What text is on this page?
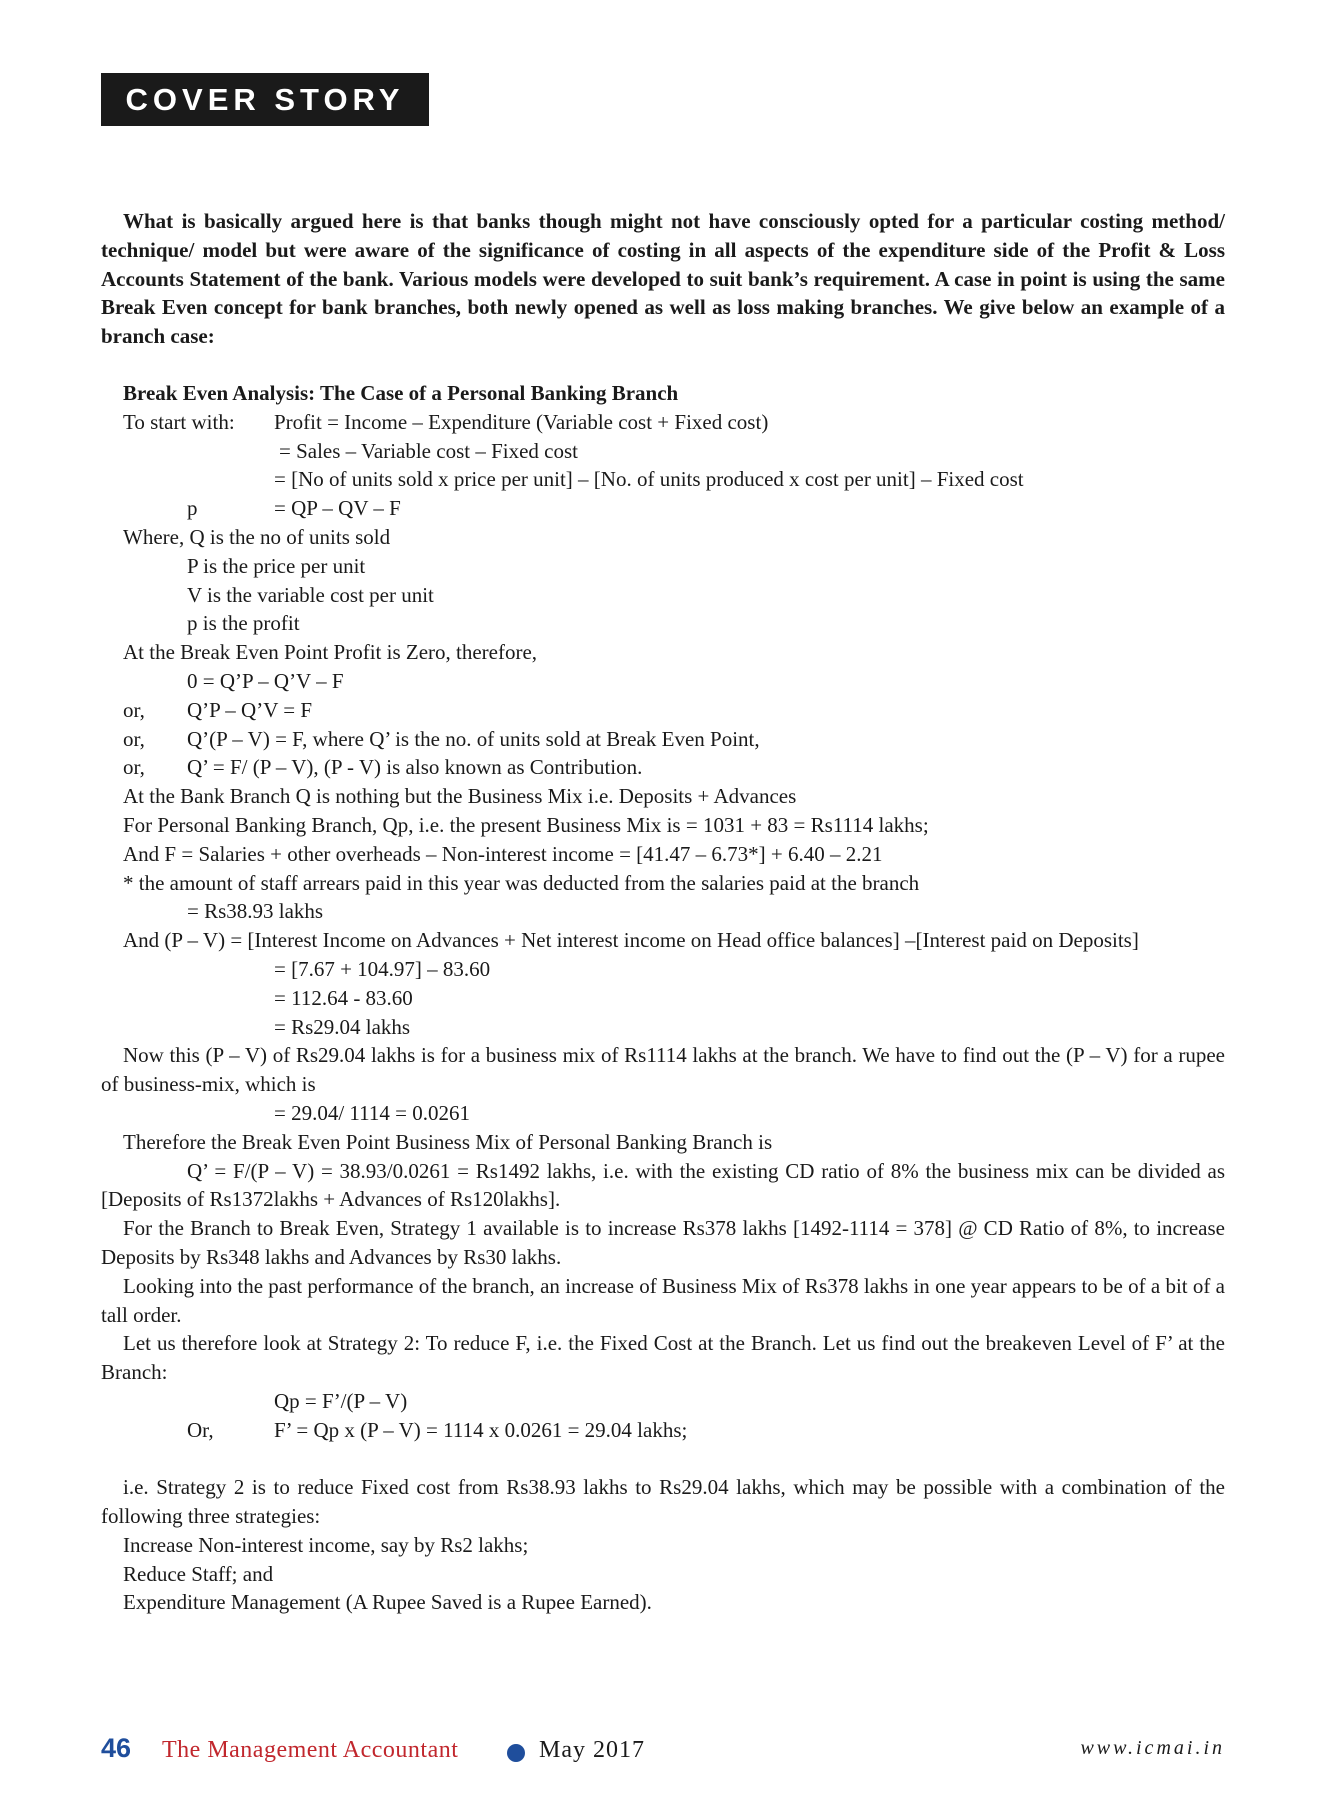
COVER STORY

What is basically argued here is that banks though might not have consciously opted for a particular costing method/ technique/ model but were aware of the significance of costing in all aspects of the expenditure side of the Profit & Loss Accounts Statement of the bank. Various models were developed to suit bank’s requirement. A case in point is using the same Break Even concept for bank branches, both newly opened as well as loss making branches. We give below an example of a branch case:

Break Even Analysis: The Case of a Personal Banking Branch
To start with: Profit = Income – Expenditure (Variable cost + Fixed cost)
= Sales – Variable cost – Fixed cost
= [No of units sold x price per unit] – [No. of units produced x cost per unit] – Fixed cost
p	= QP – QV – F
Where, Q is the no of units sold
P is the price per unit
V is the variable cost per unit
p is the profit
At the Break Even Point Profit is Zero, therefore,
0 = Q’P – Q’V – F
or, Q’P – Q’V = F
or, Q’(P – V) = F, where Q’ is the no. of units sold at Break Even Point,
or, Q’ = F/ (P – V), (P - V) is also known as Contribution.
At the Bank Branch Q is nothing but the Business Mix i.e. Deposits + Advances
For Personal Banking Branch, Qp, i.e. the present Business Mix is = 1031 + 83 = Rs1114 lakhs;
And F = Salaries + other overheads – Non-interest income = [41.47 – 6.73*] + 6.40 – 2.21
* the amount of staff arrears paid in this year was deducted from the salaries paid at the branch
= Rs38.93 lakhs

And (P – V) = [Interest Income on Advances + Net interest income on Head office balances] –[Interest paid on Deposits]

= [7.67 + 104.97] – 83.60
= 112.64 - 83.60
= Rs29.04 lakhs

Now this (P – V) of Rs29.04 lakhs is for a business mix of Rs1114 lakhs at the branch. We have to find out the (P – V) for a rupee of business-mix, which is

= 29.04/ 1114 = 0.0261
Therefore the Break Even Point Business Mix of Personal Banking Branch is

Q’ = F/(P – V) = 38.93/0.0261 = Rs1492 lakhs, i.e. with the existing CD ratio of 8% the business mix can be divided as [Deposits of Rs1372lakhs + Advances of Rs120lakhs].

For the Branch to Break Even, Strategy 1 available is to increase Rs378 lakhs [1492-1114 = 378] @ CD Ratio of 8%, to increase Deposits by Rs348 lakhs and Advances by Rs30 lakhs.

Looking into the past performance of the branch, an increase of Business Mix of Rs378 lakhs in one year appears to be of a bit of a tall order.

Let us therefore look at Strategy 2: To reduce F, i.e. the Fixed Cost at the Branch. Let us find out the breakeven Level of F’ at the Branch:

Qp = F’/(P – V)
Or,	F’ = Qp x (P – V) = 1114 x 0.0261 = 29.04 lakhs;

i.e. Strategy 2 is to reduce Fixed cost from Rs38.93 lakhs to Rs29.04 lakhs, which may be possible with a combination of the following three strategies:

Increase Non-interest income, say by Rs2 lakhs;
Reduce Staff; and
Expenditure Management (A Rupee Saved is a Rupee Earned).
46 The Management Accountant	May 2017	www.icmai.in
